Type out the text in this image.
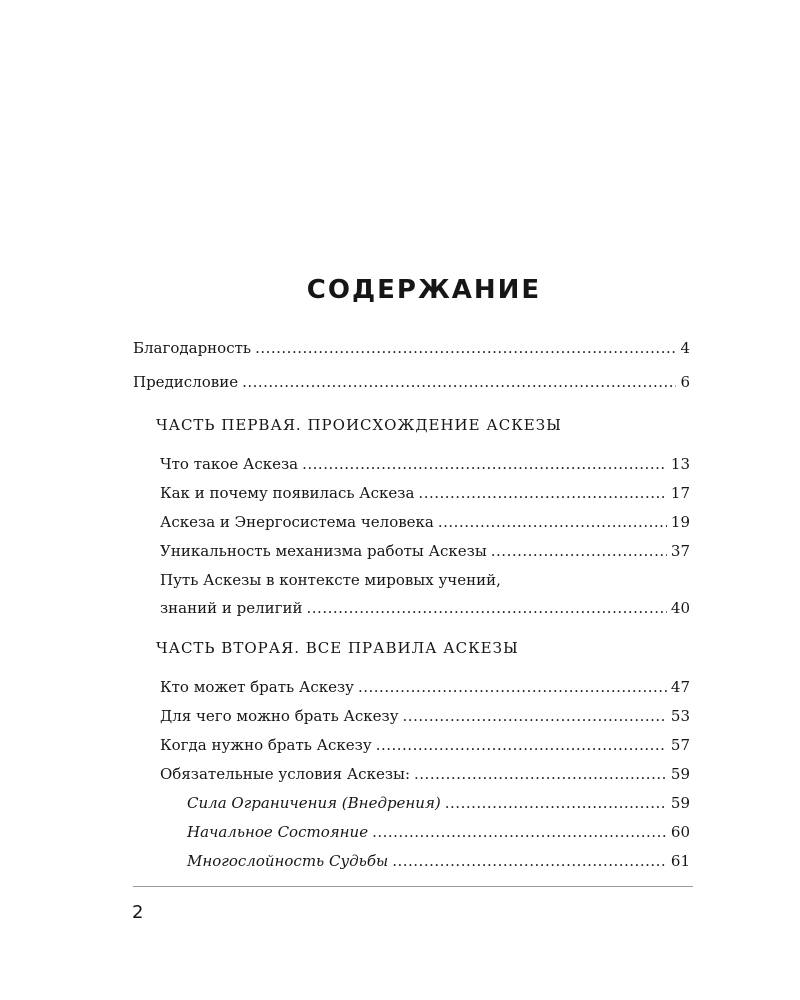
СОДЕРЖАНИЕ
Благодарность .....	4
Предисловие .....	6
ЧАСТЬ ПЕРВАЯ. ПРОИСХОЖДЕНИЕ АСКЕЗЫ
Что такое Аскеза .....	13
Как и почему появилась Аскеза .....	17
Аскеза и Энергосистема человека .....	19
Уникальность механизма работы Аскезы .....	37
Путь Аскезы в контексте мировых учений,
знаний и религий .....	40
ЧАСТЬ ВТОРАЯ. ВСЕ ПРАВИЛА АСКЕЗЫ
Кто может брать Аскезу .....	47
Для чего можно брать Аскезу .....	53
Когда нужно брать Аскезу .....	57
Обязательные условия Аскезы: .....	59
Сила Ограничения (Внедрения) .....	59
Начальное Состояние .....	60
Многослойность Судьбы .....	61
2
